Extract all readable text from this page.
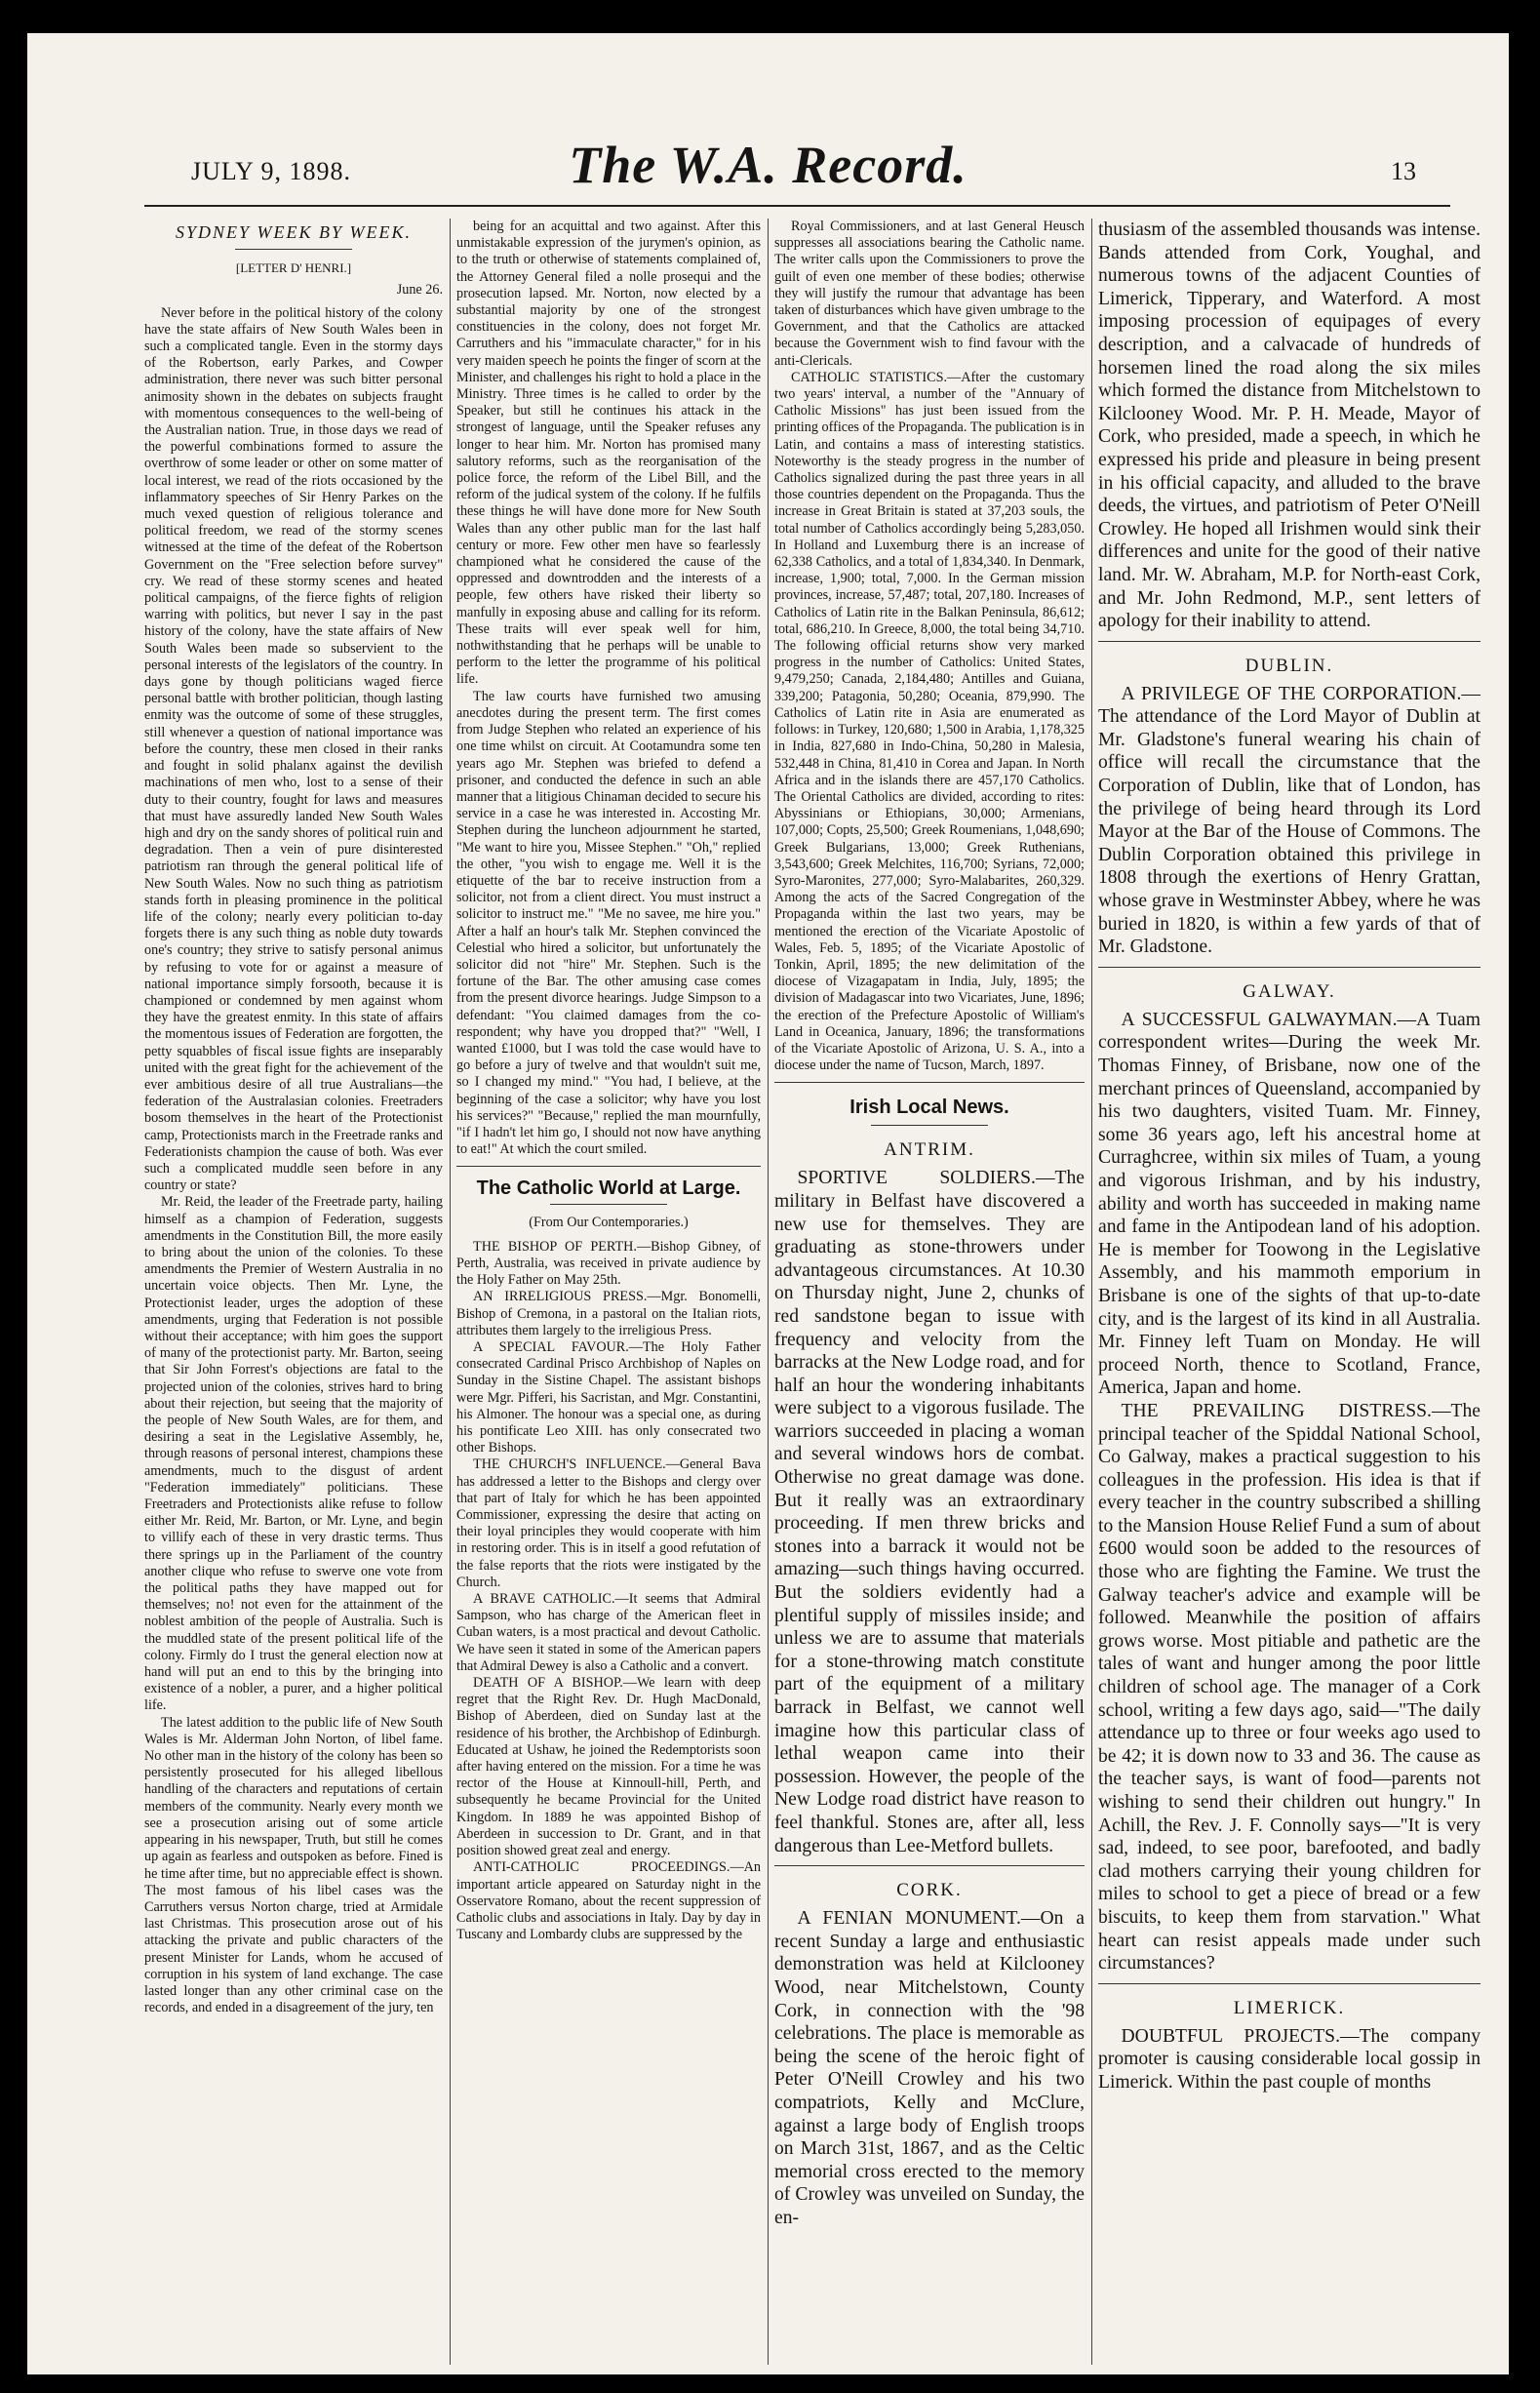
JULY 9, 1898.	The W.A. Record.	13
SYDNEY WEEK BY WEEK.
[LETTER D' HENRI.]
June 26.

Never before in the political history of the colony have the state affairs of New South Wales been in such a complicated tangle. Even in the stormy days of the Robertson, early Parkes, and Cowper administration, there never was such bitter personal animosity shown in the debates on subjects fraught with momentous consequences to the well-being of the Australian nation. True, in those days we read of the powerful combinations formed to assure the overthrow of some leader or other on some matter of local interest, we read of the riots occasioned by the inflammatory speeches of Sir Henry Parkes on the much vexed question of religious tolerance and political freedom, we read of the stormy scenes witnessed at the time of the defeat of the Robertson Government on the "Free selection before survey" cry. We read of these stormy scenes and heated political campaigns, of the fierce fights of religion warring with politics, but never I say in the past history of the colony, have the state affairs of New South Wales been made so subservient to the personal interests of the legislators of the country. In days gone by though politicians waged fierce personal battle with brother politician, though lasting enmity was the outcome of some of these struggles, still whenever a question of national importance was before the country, these men closed in their ranks and fought in solid phalanx against the devilish machinations of men who, lost to a sense of their duty to their country, fought for laws and measures that must have assuredly landed New South Wales high and dry on the sandy shores of political ruin and degradation. Then a vein of pure disinterested patriotism ran through the general political life of New South Wales. Now no such thing as patriotism stands forth in pleasing prominence in the political life of the colony; nearly every politician to-day forgets there is any such thing as noble duty towards one's country; they strive to satisfy personal animus by refusing to vote for or against a measure of national importance simply forsooth, because it is championed or condemned by men against whom they have the greatest enmity. In this state of affairs the momentous issues of Federation are forgotten, the petty squabbles of fiscal issue fights are inseparably united with the great fight for the achievement of the ever ambitious desire of all true Australians—the federation of the Australasian colonies. Freetraders bosom themselves in the heart of the Protectionist camp, Protectionists march in the Freetrade ranks and Federationists champion the cause of both. Was ever such a complicated muddle seen before in any country or state?

Mr. Reid, the leader of the Freetrade party, hailing himself as a champion of Federation, suggests amendments in the Constitution Bill, the more easily to bring about the union of the colonies. To these amendments the Premier of Western Australia in no uncertain voice objects. Then Mr. Lyne, the Protectionist leader, urges the adoption of these amendments, urging that Federation is not possible without their acceptance; with him goes the support of many of the protectionist party. Mr. Barton, seeing that Sir John Forrest's objections are fatal to the projected union of the colonies, strives hard to bring about their rejection, but seeing that the majority of the people of New South Wales, are for them, and desiring a seat in the Legislative Assembly, he, through reasons of personal interest, champions these amendments, much to the disgust of ardent "Federation immediately" politicians. These Freetraders and Protectionists alike refuse to follow either Mr. Reid, Mr. Barton, or Mr. Lyne, and begin to villify each of these in very drastic terms. Thus there springs up in the Parliament of the country another clique who refuse to swerve one vote from the political paths they have mapped out for themselves; no! not even for the attainment of the noblest ambition of the people of Australia. Such is the muddled state of the present political life of the colony. Firmly do I trust the general election now at hand will put an end to this by the bringing into existence of a nobler, a purer, and a higher political life.

The latest addition to the public life of New South Wales is Mr. Alderman John Norton, of libel fame. No other man in the history of the colony has been so persistently prosecuted for his alleged libellous handling of the characters and reputations of certain members of the community. Nearly every month we see a prosecution arising out of some article appearing in his newspaper, Truth, but still he comes up again as fearless and outspoken as before. Fined is he time after time, but no appreciable effect is shown. The most famous of his libel cases was the Carruthers versus Norton charge, tried at Armidale last Christmas. This prosecution arose out of his attacking the private and public characters of the present Minister for Lands, whom he accused of corruption in his system of land exchange. The case lasted longer than any other criminal case on the records, and ended in a disagreement of the jury, ten

being for an acquittal and two against. After this unmistakable expression of the jurymen's opinion, as to the truth or otherwise of statements complained of, the Attorney General filed a nolle prosequi and the prosecution lapsed. Mr. Norton, now elected by a substantial majority by one of the strongest constituencies in the colony, does not forget Mr. Carruthers and his "immaculate character," for in his very maiden speech he points the finger of scorn at the Minister, and challenges his right to hold a place in the Ministry. Three times is he called to order by the Speaker, but still he continues his attack in the strongest of language, until the Speaker refuses any longer to hear him. Mr. Norton has promised many salutory reforms, such as the reorganisation of the police force, the reform of the Libel Bill, and the reform of the judical system of the colony. If he fulfils these things he will have done more for New South Wales than any other public man for the last half century or more. Few other men have so fearlessly championed what he considered the cause of the oppressed and downtrodden and the interests of a people, few others have risked their liberty so manfully in exposing abuse and calling for its reform. These traits will ever speak well for him, nothwithstanding that he perhaps will be unable to perform to the letter the programme of his political life.

The law courts have furnished two amusing anecdotes during the present term. The first comes from Judge Stephen who related an experience of his one time whilst on circuit. At Cootamundra some ten years ago Mr. Stephen was briefed to defend a prisoner, and conducted the defence in such an able manner that a litigious Chinaman decided to secure his service in a case he was interested in. Accosting Mr. Stephen during the luncheon adjournment he started, "Me want to hire you, Missee Stephen." "Oh," replied the other, "you wish to engage me. Well it is the etiquette of the bar to receive instruction from a solicitor, not from a client direct. You must instruct a solicitor to instruct me." "Me no savee, me hire you." After a half an hour's talk Mr. Stephen convinced the Celestial who hired a solicitor, but unfortunately the solicitor did not "hire" Mr. Stephen. Such is the fortune of the Bar. The other amusing case comes from the present divorce hearings. Judge Simpson to a defendant: "You claimed damages from the co-respondent; why have you dropped that?" "Well, I wanted £1000, but I was told the case would have to go before a jury of twelve and that wouldn't suit me, so I changed my mind." "You had, I believe, at the beginning of the case a solicitor; why have you lost his services?" "Because," replied the man mournfully, "if I hadn't let him go, I should not now have anything to eat!" At which the court smiled.

The Catholic World at Large.
(From Our Contemporaries.)

THE BISHOP OF PERTH.—Bishop Gibney, of Perth, Australia, was received in private audience by the Holy Father on May 25th.

AN IRRELIGIOUS PRESS.—Mgr. Bonomelli, Bishop of Cremona, in a pastoral on the Italian riots, attributes them largely to the irreligious Press.

A SPECIAL FAVOUR.—The Holy Father consecrated Cardinal Prisco Archbishop of Naples on Sunday in the Sistine Chapel. The assistant bishops were Mgr. Pifferi, his Sacristan, and Mgr. Constantini, his Almoner. The honour was a special one, as during his pontificate Leo XIII. has only consecrated two other Bishops.

THE CHURCH'S INFLUENCE.—General Bava has addressed a letter to the Bishops and clergy over that part of Italy for which he has been appointed Commissioner, expressing the desire that acting on their loyal principles they would cooperate with him in restoring order. This is in itself a good refutation of the false reports that the riots were instigated by the Church.

A BRAVE CATHOLIC.—It seems that Admiral Sampson, who has charge of the American fleet in Cuban waters, is a most practical and devout Catholic. We have seen it stated in some of the American papers that Admiral Dewey is also a Catholic and a convert.

DEATH OF A BISHOP.—We learn with deep regret that the Right Rev. Dr. Hugh MacDonald, Bishop of Aberdeen, died on Sunday last at the residence of his brother, the Archbishop of Edinburgh. Educated at Ushaw, he joined the Redemptorists soon after having entered on the mission. For a time he was rector of the House at Kinnoull-hill, Perth, and subsequently he became Provincial for the United Kingdom. In 1889 he was appointed Bishop of Aberdeen in succession to Dr. Grant, and in that position showed great zeal and energy.

ANTI-CATHOLIC PROCEEDINGS.—An important article appeared on Saturday night in the Osservatore Romano, about the recent suppression of Catholic clubs and associations in Italy. Day by day in Tuscany and Lombardy clubs are suppressed by the

Royal Commissioners, and at last General Heusch suppresses all associations bearing the Catholic name. The writer calls upon the Commissioners to prove the guilt of even one member of these bodies; otherwise they will justify the rumour that advantage has been taken of disturbances which have given umbrage to the Government, and that the Catholics are attacked because the Government wish to find favour with the anti-Clericals.

CATHOLIC STATISTICS.—After the customary two years' interval, a number of the "Annuary of Catholic Missions" has just been issued from the printing offices of the Propaganda. The publication is in Latin, and contains a mass of interesting statistics. Noteworthy is the steady progress in the number of Catholics signalized during the past three years in all those countries dependent on the Propaganda. Thus the increase in Great Britain is stated at 37,203 souls, the total number of Catholics accordingly being 5,283,050. In Holland and Luxemburg there is an increase of 62,338 Catholics, and a total of 1,834,340. In Denmark, increase, 1,900; total, 7,000. In the German mission provinces, increase, 57,487; total, 207,180. Increases of Catholics of Latin rite in the Balkan Peninsula, 86,612; total, 686,210. In Greece, 8,000, the total being 34,710. The following official returns show very marked progress in the number of Catholics: United States, 9,479,250; Canada, 2,184,480; Antilles and Guiana, 339,200; Patagonia, 50,280; Oceania, 879,990. The Catholics of Latin rite in Asia are enumerated as follows: in Turkey, 120,680; 1,500 in Arabia, 1,178,325 in India, 827,680 in Indo-China, 50,280 in Malesia, 532,448 in China, 81,410 in Corea and Japan. In North Africa and in the islands there are 457,170 Catholics. The Oriental Catholics are divided, according to rites: Abyssinians or Ethiopians, 30,000; Armenians, 107,000; Copts, 25,500; Greek Roumenians, 1,048,690; Greek Bulgarians, 13,000; Greek Ruthenians, 3,543,600; Greek Melchites, 116,700; Syrians, 72,000; Syro-Maronites, 277,000; Syro-Malabarites, 260,329. Among the acts of the Sacred Congregation of the Propaganda within the last two years, may be mentioned the erection of the Vicariate Apostolic of Wales, Feb. 5, 1895; of the Vicariate Apostolic of Tonkin, April, 1895; the new delimitation of the diocese of Vizagapatam in India, July, 1895; the division of Madagascar into two Vicariates, June, 1896; the erection of the Prefecture Apostolic of William's Land in Oceanica, January, 1896; the transformations of the Vicariate Apostolic of Arizona, U. S. A., into a diocese under the name of Tucson, March, 1897.

Irish Local News.
ANTRIM.

SPORTIVE SOLDIERS.—The military in Belfast have discovered a new use for themselves. They are graduating as stone-throwers under advantageous circumstances. At 10.30 on Thursday night, June 2, chunks of red sandstone began to issue with frequency and velocity from the barracks at the New Lodge road, and for half an hour the wondering inhabitants were subject to a vigorous fusilade. The warriors succeeded in placing a woman and several windows hors de combat. Otherwise no great damage was done. But it really was an extraordinary proceeding. If men threw bricks and stones into a barrack it would not be amazing—such things having occurred. But the soldiers evidently had a plentiful supply of missiles inside; and unless we are to assume that materials for a stone-throwing match constitute part of the equipment of a military barrack in Belfast, we cannot well imagine how this particular class of lethal weapon came into their possession. However, the people of the New Lodge road district have reason to feel thankful. Stones are, after all, less dangerous than Lee-Metford bullets.

CORK.

A FENIAN MONUMENT.—On a recent Sunday a large and enthusiastic demonstration was held at Kilclooney Wood, near Mitchelstown, County Cork, in connection with the '98 celebrations. The place is memorable as being the scene of the heroic fight of Peter O'Neill Crowley and his two compatriots, Kelly and McClure, against a large body of English troops on March 31st, 1867, and as the Celtic memorial cross erected to the memory of Crowley was unveiled on Sunday, the en-

thusiasm of the assembled thousands was intense. Bands attended from Cork, Youghal, and numerous towns of the adjacent Counties of Limerick, Tipperary, and Waterford. A most imposing procession of equipages of every description, and a calvacade of hundreds of horsemen lined the road along the six miles which formed the distance from Mitchelstown to Kilclooney Wood. Mr. P. H. Meade, Mayor of Cork, who presided, made a speech, in which he expressed his pride and pleasure in being present in his official capacity, and alluded to the brave deeds, the virtues, and patriotism of Peter O'Neill Crowley. He hoped all Irishmen would sink their differences and unite for the good of their native land. Mr. W. Abraham, M.P. for North-east Cork, and Mr. John Redmond, M.P., sent letters of apology for their inability to attend.

DUBLIN.

A PRIVILEGE OF THE CORPORATION.—The attendance of the Lord Mayor of Dublin at Mr. Gladstone's funeral wearing his chain of office will recall the circumstance that the Corporation of Dublin, like that of London, has the privilege of being heard through its Lord Mayor at the Bar of the House of Commons. The Dublin Corporation obtained this privilege in 1808 through the exertions of Henry Grattan, whose grave in Westminster Abbey, where he was buried in 1820, is within a few yards of that of Mr. Gladstone.

GALWAY.

A SUCCESSFUL GALWAYMAN.—A Tuam correspondent writes—During the week Mr. Thomas Finney, of Brisbane, now one of the merchant princes of Queensland, accompanied by his two daughters, visited Tuam. Mr. Finney, some 36 years ago, left his ancestral home at Curraghcree, within six miles of Tuam, a young and vigorous Irishman, and by his industry, ability and worth has succeeded in making name and fame in the Antipodean land of his adoption. He is member for Toowong in the Legislative Assembly, and his mammoth emporium in Brisbane is one of the sights of that up-to-date city, and is the largest of its kind in all Australia. Mr. Finney left Tuam on Monday. He will proceed North, thence to Scotland, France, America, Japan and home.

THE PREVAILING DISTRESS.—The principal teacher of the Spiddal National School, Co Galway, makes a practical suggestion to his colleagues in the profession. His idea is that if every teacher in the country subscribed a shilling to the Mansion House Relief Fund a sum of about £600 would soon be added to the resources of those who are fighting the Famine. We trust the Galway teacher's advice and example will be followed. Meanwhile the position of affairs grows worse. Most pitiable and pathetic are the tales of want and hunger among the poor little children of school age. The manager of a Cork school, writing a few days ago, said—"The daily attendance up to three or four weeks ago used to be 42; it is down now to 33 and 36. The cause as the teacher says, is want of food—parents not wishing to send their children out hungry." In Achill, the Rev. J. F. Connolly says—"It is very sad, indeed, to see poor, barefooted, and badly clad mothers carrying their young children for miles to school to get a piece of bread or a few biscuits, to keep them from starvation." What heart can resist appeals made under such circumstances?

LIMERICK.

DOUBTFUL PROJECTS.—The company promoter is causing considerable local gossip in Limerick. Within the past couple of months
